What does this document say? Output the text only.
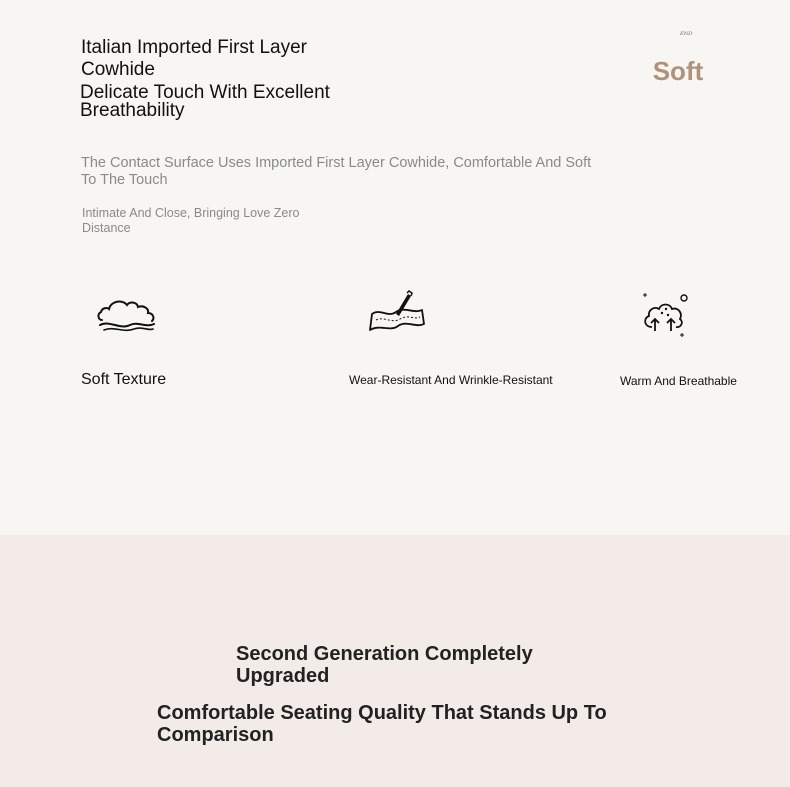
Italian Imported First Layer Cowhide
Delicate Touch With Excellent Breathability
The Contact Surface Uses Imported First Layer Cowhide, Comfortable And Soft To The Touch
Intimate And Close, Bringing Love Zero Distance
ᴱᴺᴰ
Soft
Soft Texture	Wear-Resistant And Wrinkle-Resistant	Warm And Breathable
Second Generation Completely Upgraded
Comfortable Seating Quality That Stands Up To Comparison
